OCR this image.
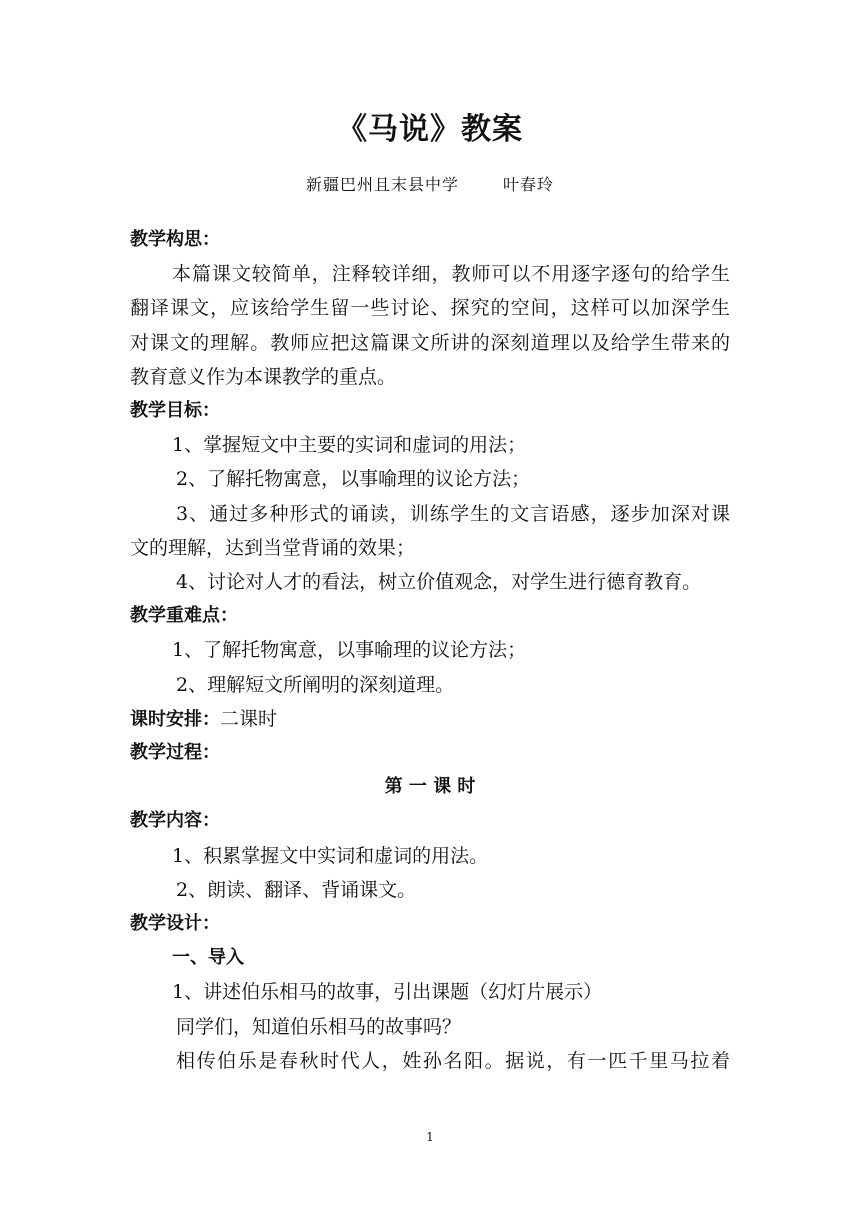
《马说》教案
新疆巴州且末县中学	叶春玲
教学构思：
本篇课文较简单，注释较详细，教师可以不用逐字逐句的给学生
翻译课文，应该给学生留一些讨论、探究的空间，这样可以加深学生
对课文的理解。教师应把这篇课文所讲的深刻道理以及给学生带来的
教育意义作为本课教学的重点。
教学目标：
1、掌握短文中主要的实词和虚词的用法；
2、了解托物寓意，以事喻理的议论方法；
3、通过多种形式的诵读，训练学生的文言语感，逐步加深对课
文的理解，达到当堂背诵的效果；
4、讨论对人才的看法，树立价值观念，对学生进行德育教育。
教学重难点：
1、了解托物寓意，以事喻理的议论方法；
2、理解短文所阐明的深刻道理。
课时安排：二课时
教学过程：
第 一 课 时
教学内容：
1、积累掌握文中实词和虚词的用法。
2、朗读、翻译、背诵课文。
教学设计：
一、导入
1、讲述伯乐相马的故事，引出课题（幻灯片展示）
同学们，知道伯乐相马的故事吗？
相传伯乐是春秋时代人，姓孙名阳。据说，有一匹千里马拉着
1
